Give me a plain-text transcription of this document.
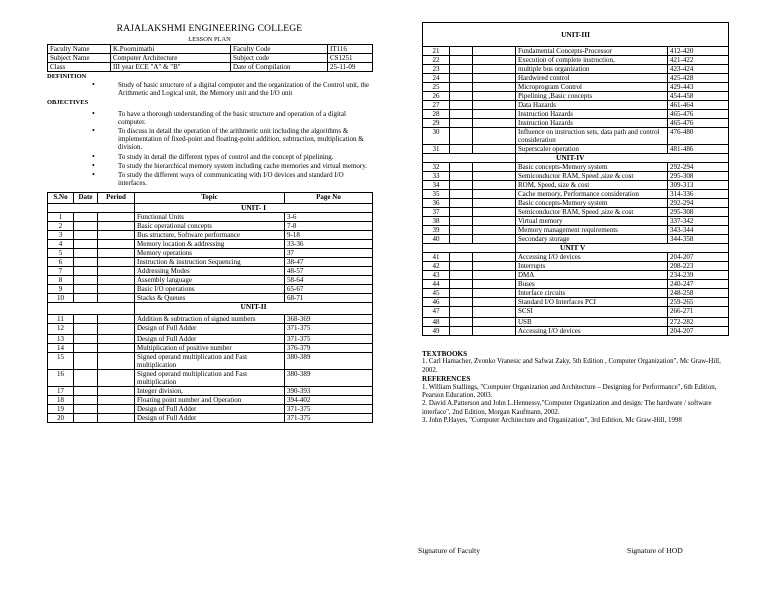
RAJALAKSHMI ENGINEERING COLLEGE
LESSON PLAN
Faculty Name	K.Poornimathi	Faculty Code	IT116
Subject Name	Computer Architecture	Subject code	CS1251
Class	III year ECE "A" & "B"	Date of Compilation	25-11-09
DEFINITION
• Study of basic structure of a digital computer and the organization of the Control unit, the Arithmetic and Logical unit, the Memory unit and the I/O unit
OBJECTIVES
• To have a thorough understanding of the basic structure and operation of a digital computer.
• To discuss in detail the operation of the arithmetic unit including the algorithms & implementation of fixed-point and floating-point addition, subtraction, multiplication & division.
• To study in detail the different types of control and the concept of pipelining.
• To study the hierarchical memory system including cache memories and virtual memory.
• To study the different ways of communicating with I/O devices and standard I/O interfaces.
S.No	Date	Period	Topic	Page No
			UNIT- I	
1			Functional Units	3-6
2			Basic operational concepts	7-8
3			Bus structure, Software performance	9-18
4			Memory location & addressing	33-36
5			Memory operations	37
6			Instruction & instruction Sequencing	38-47
7			Addressing Modes	48-57
8			Assembly language	58-64
9			Basic I/O operations	65-67
10			Stacks & Queues	68-71
			UNIT-II	
11			Addition & subtraction of signed numbers	368-369
12			Design of Full Adder	371-375
13			Design of Full Adder	371-375
14			Multiplication of positive number	376-379
15			Signed operand multiplication and Fast multiplication	380-389
16			Signed operand multiplication and Fast multiplication	380-389
17			Integer division,	390-393
18			Floating point number and Operation	394-402
19			Design of Full Adder	371-375
20			Design of Full Adder	371-375
UNIT-III				
21			Fundamental Concepts-Processor	412-420
22			Execution of complete instruction,	421-422
23			multiple bus organization	423-424
24			Hardwired control	425-428
25			Microprogram Control	429-443
26			Pipelining ,Basic concepts	454-458
27			Data Hazards	461-464
28			Instruction Hazards	465-476
29			Instruction Hazards	465-476
30			Influence on instruction sets, data path and control consideration	476-480
31			Superscaler operation	481-486
			UNIT-IV	
32			Basic concepts-Memory system	292-294
33			Semiconductor RAM, Speed ,size & cost	295-308
34			ROM, Speed, size & cost	309-313
35			Cache memory, Performance consideration	314-336
36			Basic concepts-Memory system	292-294
37			Semiconductor RAM, Speed ,size & cost	295-308
38			Virtual memory	337-342
39			Memory management requirements	343-344
40			Secondary storage	344-358
			UNIT V	
41			Accessing I/O devices	204-207
42			Interrupts	208-223
43			DMA	234-239
44			Buses	240-247
45			Interface circuits	248-258
46			Standard I/O Interfaces PCI	259-265
47			SCSI	266-271
48			USB	272-282
49			Accessing I/O devices	204-207
TEXTBOOKS
1. Carl Hamacher, Zvonko Vranesic and Safwat Zaky, 5th Edition , Computer Organization", Mc Graw-Hill, 2002.
REFERENCES
1. William Stallings, "Computer Organization and Architecture – Designing for Performance", 6th Edition, Pearson Education, 2003.
2. David A.Patterson and John L.Hennessy,"Computer Organization and design: The hardware / software interface", 2nd Edition, Morgan Kaufmann, 2002.
3. John P.Hayes, "Computer Architecture and Organization", 3rd Edition, Mc Graw-Hill, 1998
Signature of Faculty	Signature of HOD
